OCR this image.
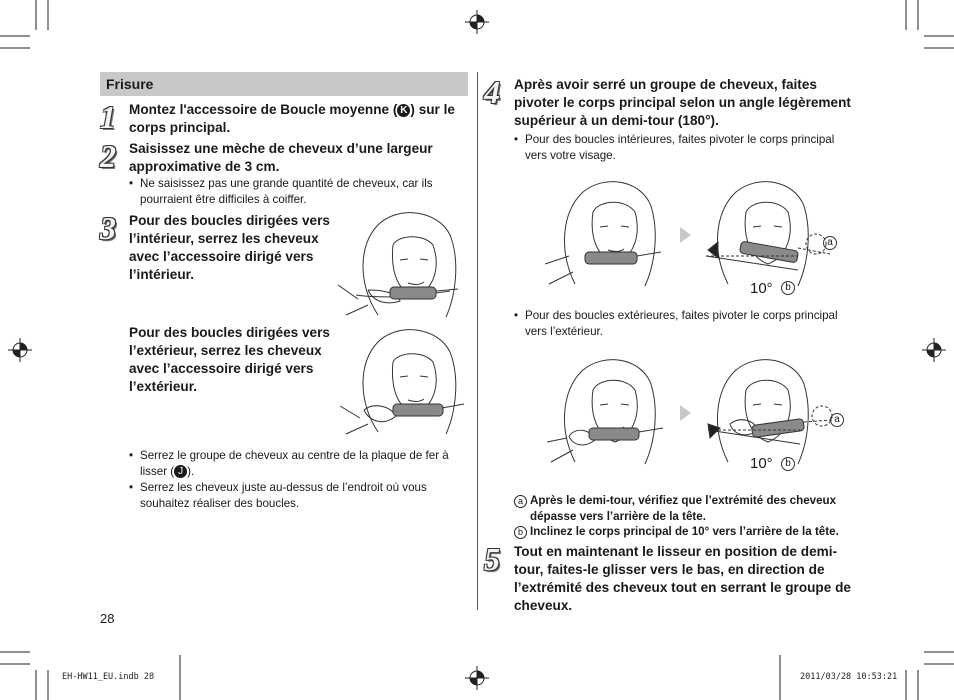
Frisure
1 Montez l'accessoire de Boucle moyenne ( K ) sur le corps principal.
2 Saisissez une mèche de cheveux d’une largeur approximative de 3 cm.
• Ne saisissez pas une grande quantité de cheveux, car ils pourraient être difficiles à coiffer.
3 Pour des boucles dirigées vers l’intérieur, serrez les cheveux avec l’accessoire dirigé vers l’intérieur.
Pour des boucles dirigées vers l’extérieur, serrez les cheveux avec l’accessoire dirigé vers l’extérieur.
• Serrez le groupe de cheveux au centre de la plaque de fer à lisser ( J ).
• Serrez les cheveux juste au-dessus de l’endroit où vous souhaitez réaliser des boucles.
4 Après avoir serré un groupe de cheveux, faites pivoter le corps principal selon un angle légèrement supérieur à un demi-tour (180°).
• Pour des boucles intérieures, faites pivoter le corps principal vers votre visage.
a
10°	b
• Pour des boucles extérieures, faites pivoter le corps principal vers l’extérieur.
a
10°	b
a Après le demi-tour, vérifiez que l’extrémité des cheveux dépasse vers l’arrière de la tête.
b Inclinez le corps principal de 10° vers l’arrière de la tête.
5 Tout en maintenant le lisseur en position de demi-tour, faites-le glisser vers le bas, en direction de l’extrémité des cheveux tout en serrant le groupe de cheveux.
28
EH-HW11_EU.indb 28	2011/03/28 10:53:21
